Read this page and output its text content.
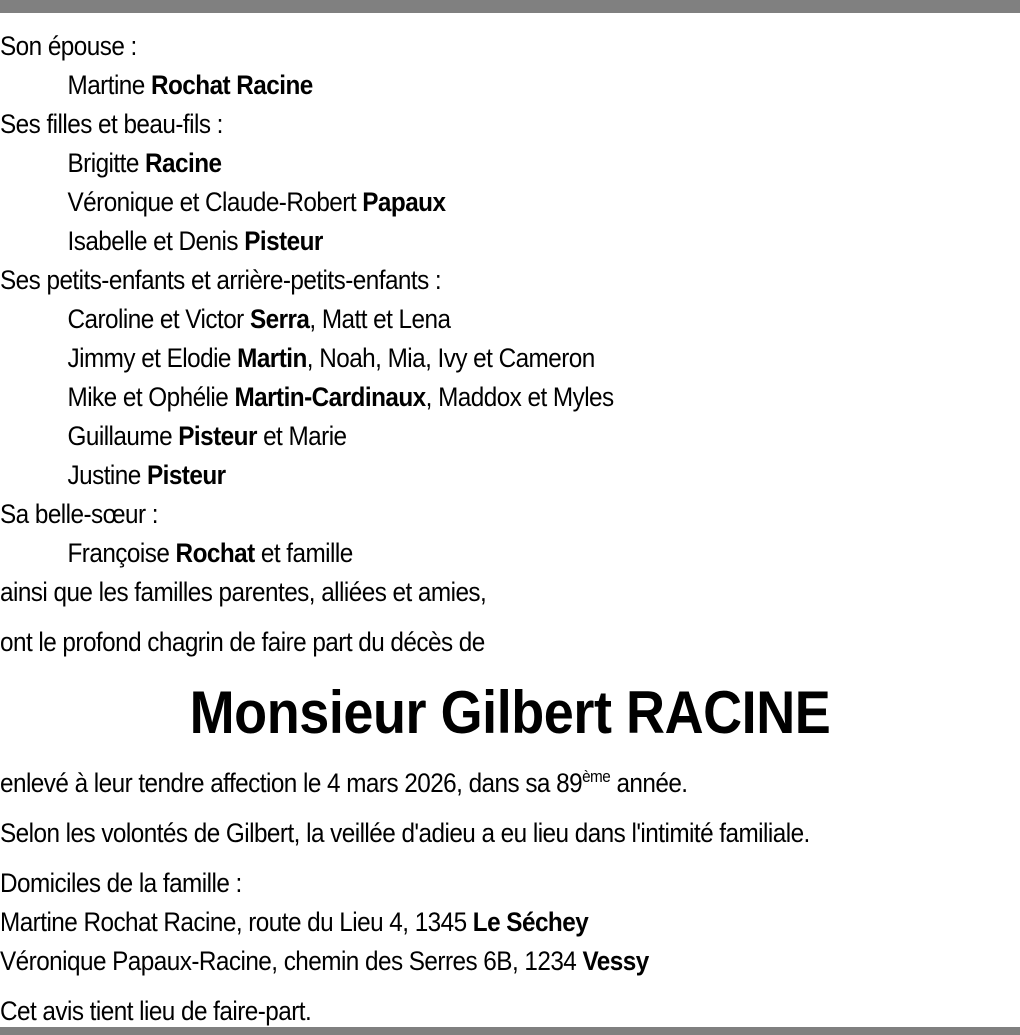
Son épouse :
Martine Rochat Racine
Ses filles et beau-fils :
Brigitte Racine
Véronique et Claude-Robert Papaux
Isabelle et Denis Pisteur
Ses petits-enfants et arrière-petits-enfants :
Caroline et Victor Serra, Matt et Lena
Jimmy et Elodie Martin, Noah, Mia, Ivy et Cameron
Mike et Ophélie Martin-Cardinaux, Maddox et Myles
Guillaume Pisteur et Marie
Justine Pisteur
Sa belle-sœur :
Françoise Rochat et famille
ainsi que les familles parentes, alliées et amies,
ont le profond chagrin de faire part du décès de
Monsieur Gilbert RACINE
enlevé à leur tendre affection le 4 mars 2026, dans sa 89ème année.
Selon les volontés de Gilbert, la veillée d'adieu a eu lieu dans l'intimité familiale.
Domiciles de la famille :
Martine Rochat Racine, route du Lieu 4, 1345 Le Séchey
Véronique Papaux-Racine, chemin des Serres 6B, 1234 Vessy
Cet avis tient lieu de faire-part.
